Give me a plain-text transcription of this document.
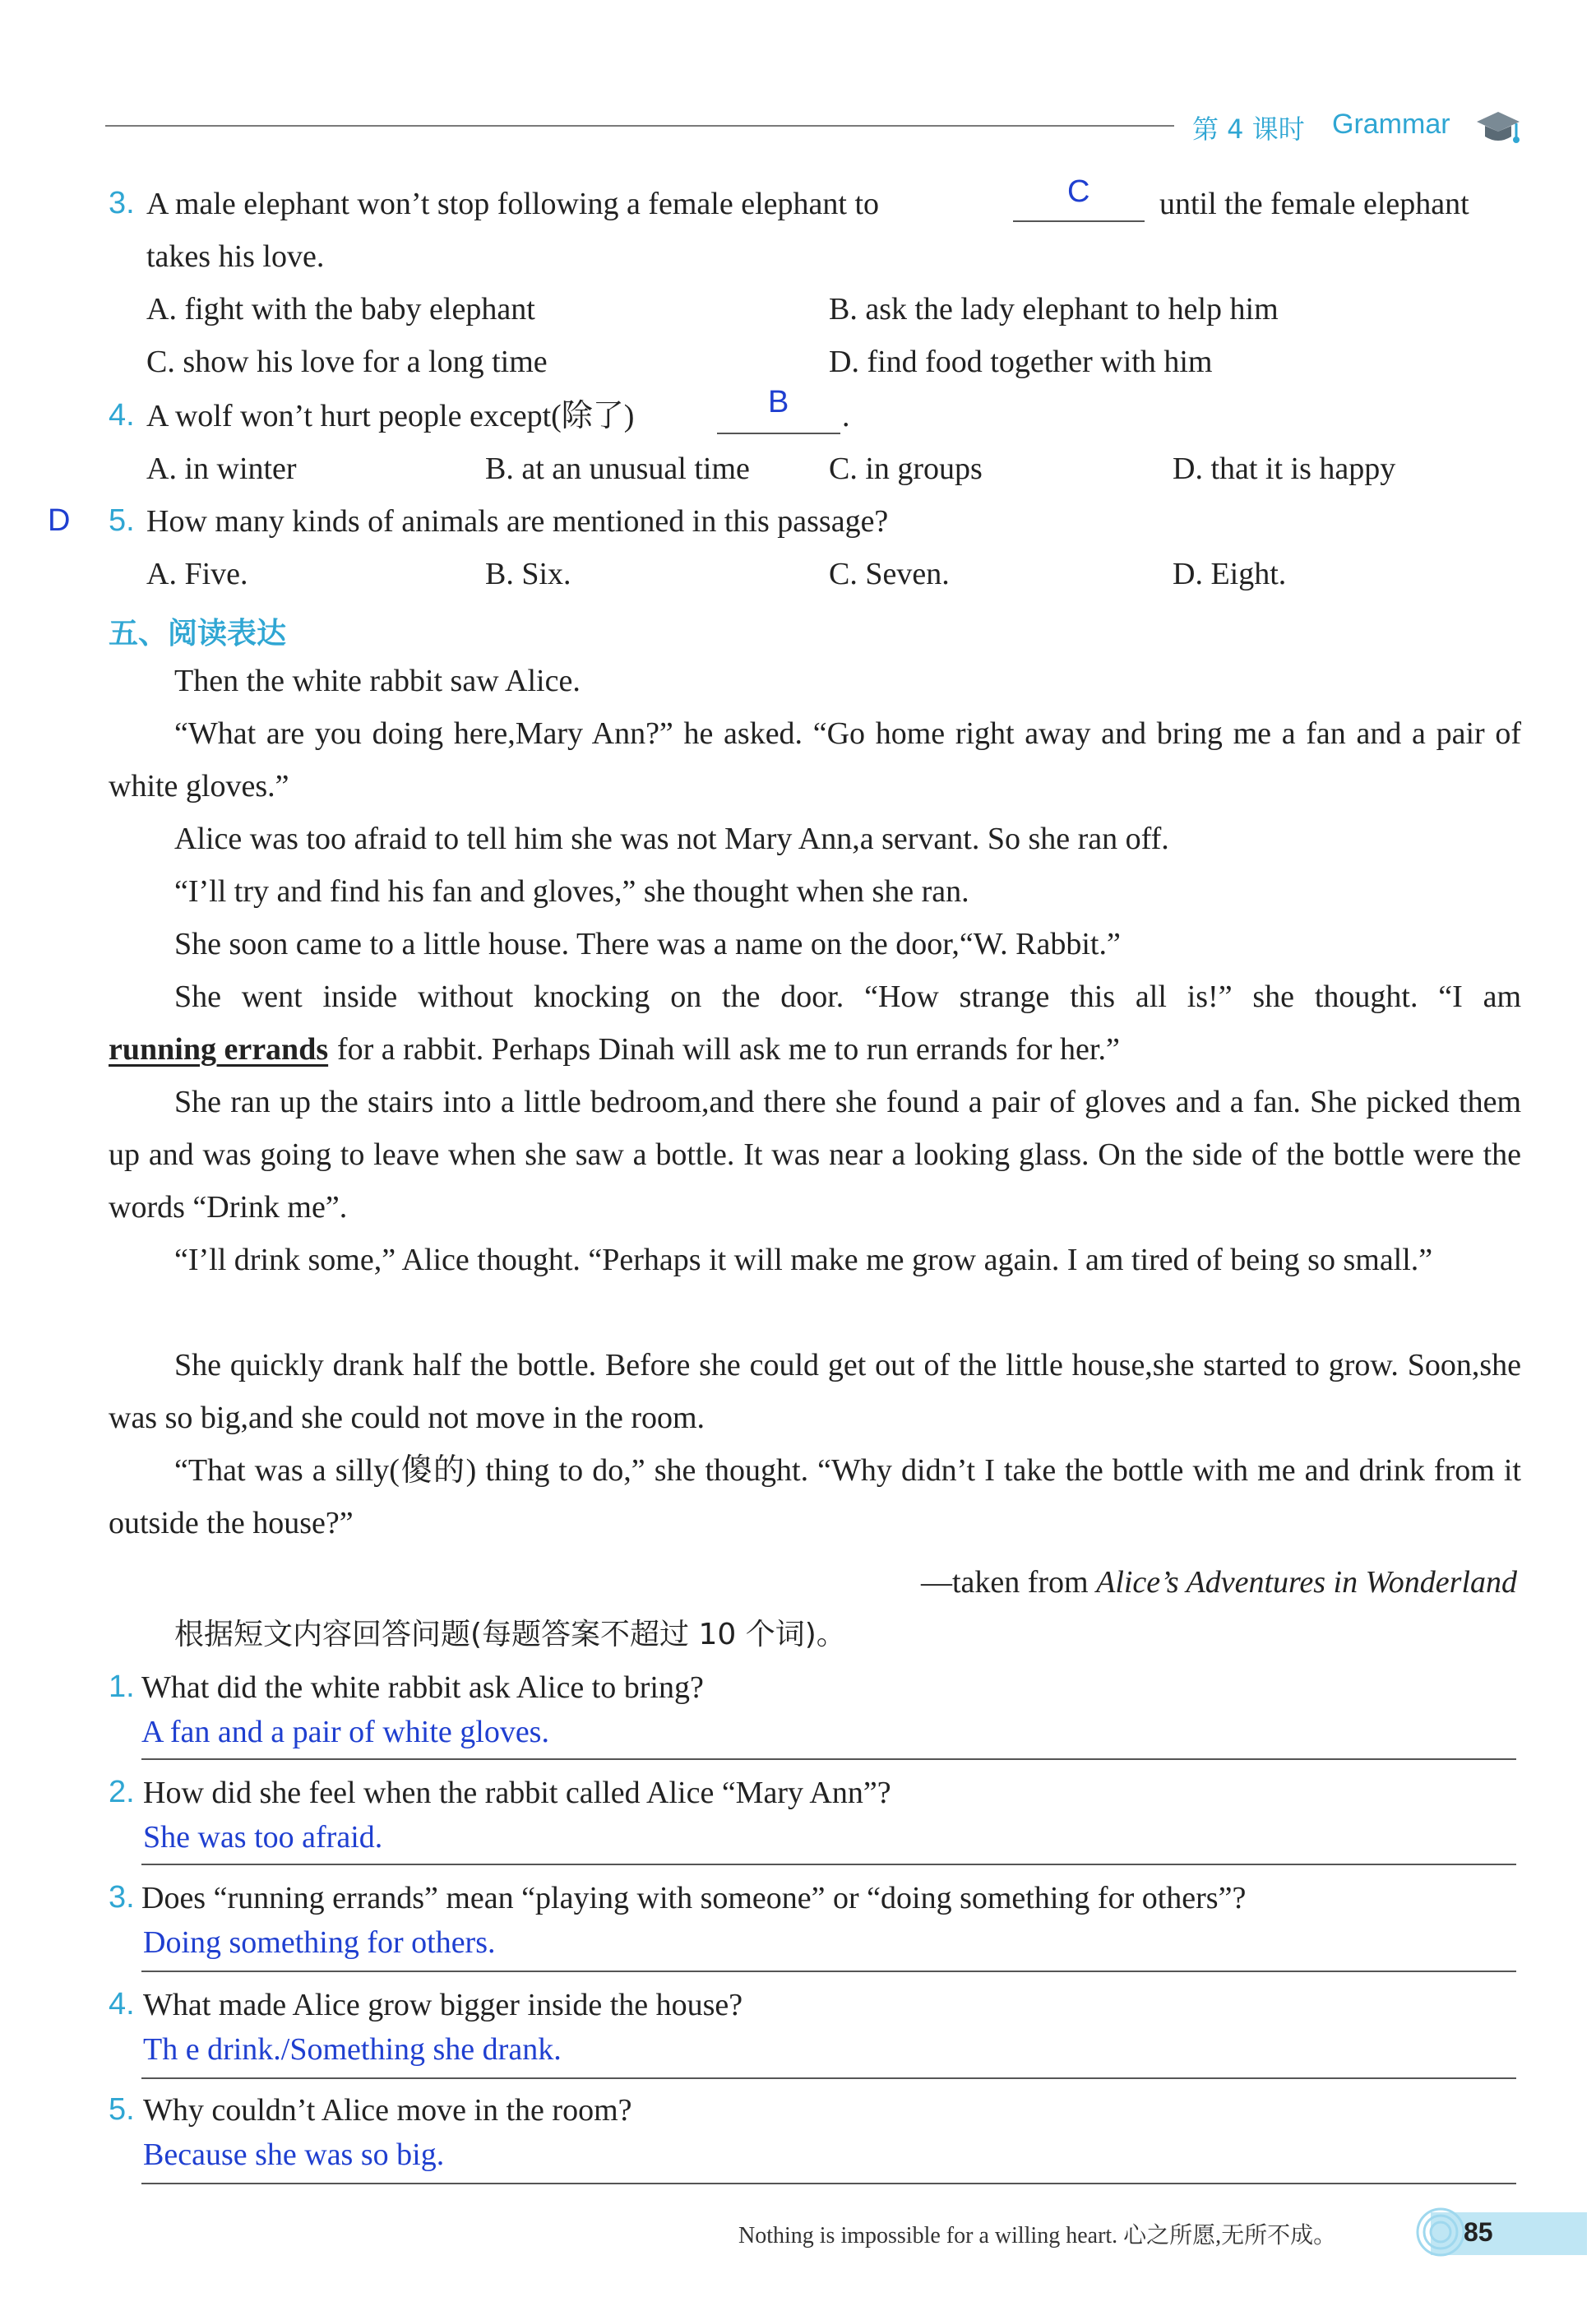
第 4 课时 Grammar
3. A male elephant won’t stop following a female elephant to	C until the female elephant
takes his love.
A. fight with the baby elephant	B. ask the lady elephant to help him
C. show his love for a long time	D. find food together with him
4. A wolf won’t hurt people except(除了)	B .
A. in winter	B. at an unusual time	C. in groups	D. that it is happy
D 5. How many kinds of animals are mentioned in this passage?
A. Five.	B. Six.	C. Seven.	D. Eight.
五、阅读表达

Then the white rabbit saw Alice.

“What are you doing here,Mary Ann?” he asked. “Go home right away and bring me a fan and a pair of white gloves.”

Alice was too afraid to tell him she was not Mary Ann,a servant. So she ran off.

“I’ll try and find his fan and gloves,” she thought when she ran.

She soon came to a little house. There was a name on the door,“W. Rabbit.”

She went inside without knocking on the door. “How strange this all is!” she thought. “I am

running errands for a rabbit. Perhaps Dinah will ask me to run errands for her.”

She ran up the stairs into a little bedroom,and there she found a pair of gloves and a fan. She picked them up and was going to leave when she saw a bottle. It was near a looking glass. On the side of the bottle were the words “Drink me”.

“I’ll drink some,” Alice thought. “Perhaps it will make me grow again. I am tired of being so small.”

She quickly drank half the bottle. Before she could get out of the little house,she started to grow. Soon,she was so big,and she could not move in the room.

“That was a silly(傻的) thing to do,” she thought. “Why didn’t I take the bottle with me and drink from it outside the house?”

—taken from Alice’s Adventures in Wonderland
根据短文内容回答问题(每题答案不超过 10 个词)。
1. What did the white rabbit ask Alice to bring?
A fan and a pair of white gloves.
2. How did she feel when the rabbit called Alice “Mary Ann”?
She was too afraid.
3. Does “running errands” mean “playing with someone” or “doing something for others”?
Doing something for others.
4. What made Alice grow bigger inside the house?
Th e drink./Something she drank.
5. Why couldn’t Alice move in the room?
Because she was so big.
Nothing is impossible for a willing heart. 心之所愿,无所不成。	85
